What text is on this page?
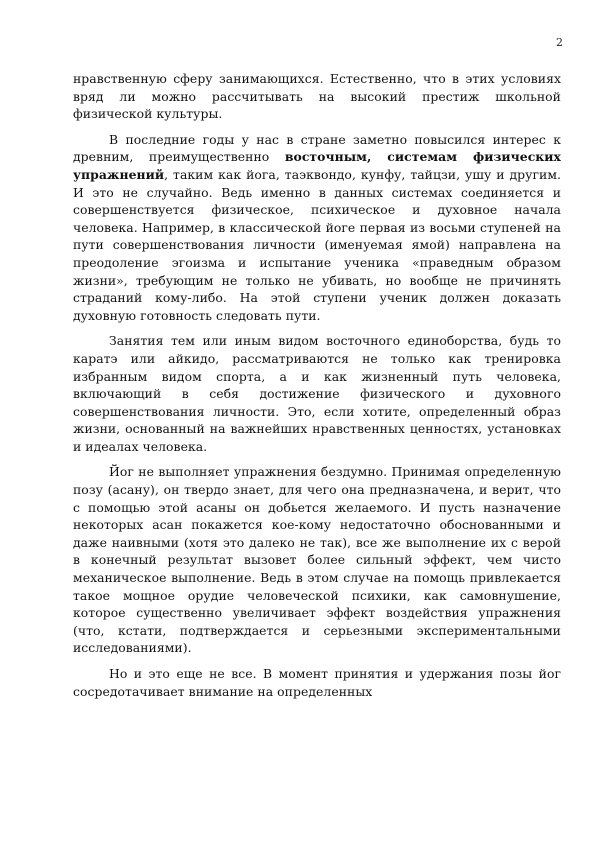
2

нравственную сферу занимающихся. Естественно, что в этих условиях вряд ли можно рассчитывать на высокий престиж школьной физической культуры.

В последние годы у нас в стране заметно повысился интерес к древним, преимущественно восточным, системам физических упражнений, таким как йога, таэквондо, кунфу, тайцзи, ушу и другим. И это не случайно. Ведь именно в данных системах соединяется и совершенствуется физическое, психическое и духовное начала человека. Например, в классической йоге первая из восьми ступеней на пути совершенствования личности (именуемая ямой) направлена на преодоление эгоизма и испытание ученика «праведным образом жизни», требующим не только не убивать, но вообще не причинять страданий кому-либо. На этой ступени ученик должен доказать духовную готовность следовать пути.

Занятия тем или иным видом восточного единоборства, будь то каратэ или айкидо, рассматриваются не только как тренировка избранным видом спорта, а и как жизненный путь человека, включающий в себя достижение физического и духовного совершенствования личности. Это, если хотите, определенный образ жизни, основанный на важнейших нравственных ценностях, установках и идеалах человека.

Йог не выполняет упражнения бездумно. Принимая определенную позу (асану), он твердо знает, для чего она предназначена, и верит, что с помощью этой асаны он добьется желаемого. И пусть назначение некоторых асан покажется кое-кому недостаточно обоснованными и даже наивными (хотя это далеко не так), все же выполнение их с верой в конечный результат вызовет более сильный эффект, чем чисто механическое выполнение. Ведь в этом случае на помощь привлекается такое мощное орудие человеческой психики, как самовнушение, которое существенно увеличивает эффект воздействия упражнения (что, кстати, подтверждается и серьезными экспериментальными исследованиями).

Но и это еще не все. В момент принятия и удержания позы йог сосредотачивает внимание на определенных
